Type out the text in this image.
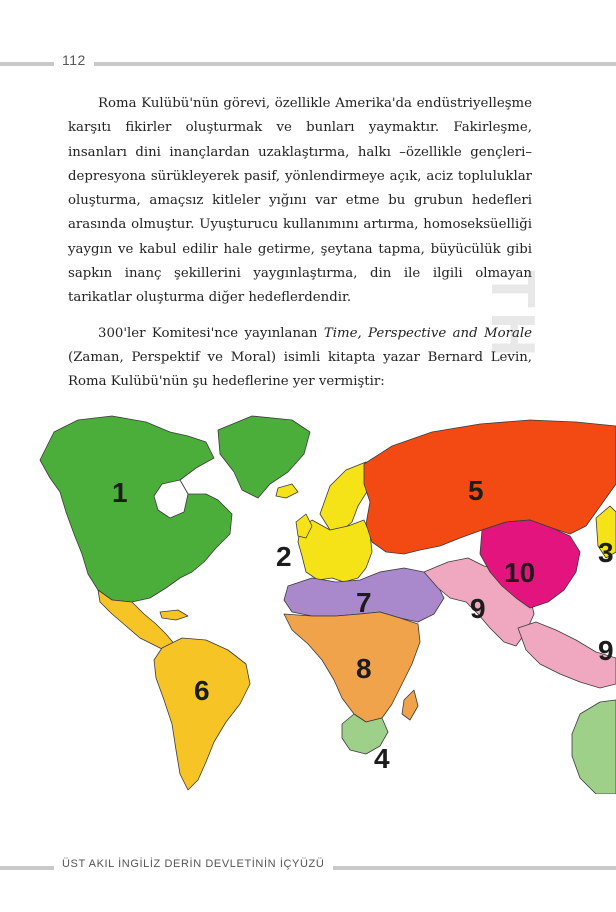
112
TH

Roma Kulübü'nün görevi, özellikle Amerika'da endüstriyelleşme karşıtı fikirler oluşturmak ve bunları yaymaktır. Fakirleşme, insanları dini inançlardan uzaklaştırma, halkı –özellikle gençleri– depresyona sürükleyerek pasif, yönlendirmeye açık, aciz topluluklar oluşturma, amaçsız kitleler yığını var etme bu grubun hedefleri arasında olmuştur. Uyuşturucu kullanımını artırma, homoseksüelliği yaygın ve kabul edilir hale getirme, şeytana tapma, büyücülük gibi sapkın inanç şekillerini yaygınlaştırma, din ile ilgili olmayan tarikatlar oluşturma diğer hedeflerdendir.

300'ler Komitesi'nce yayınlanan Time, Perspective and Morale (Zaman, Perspektif ve Moral) isimli kitapta yazar Bernard Levin, Roma Kulübü'nün şu hedeflerine yer vermiştir:

1
2	3
4
5
6
7
8
9
10
9
ÜST AKIL İNGİLİZ DERİN DEVLETİNİN İÇYÜZÜ
